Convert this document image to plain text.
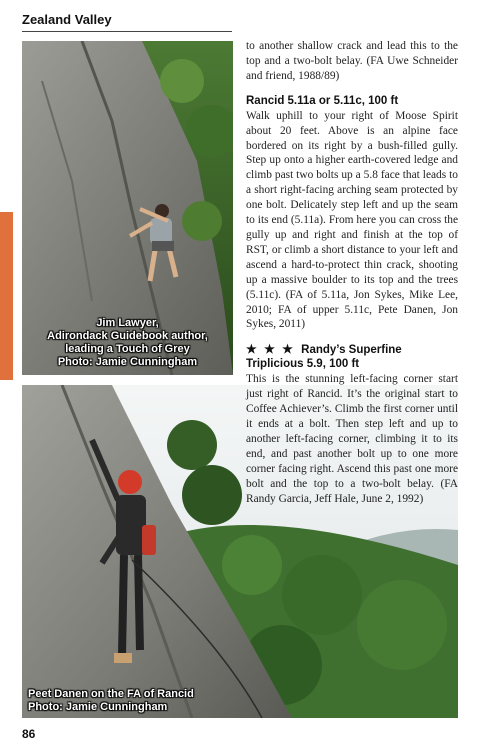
Zealand Valley
Jim Lawyer,
Adirondack Guidebook author,
leading a Touch of Grey
Photo: Jamie Cunningham
Peet Danen on the FA of Rancid
Photo: Jamie Cunningham

to another shallow crack and lead this to the top and a two-bolt belay. (FA Uwe Schneider and friend, 1988/89)

Rancid 5.11a or 5.11c, 100 ft

Walk uphill to your right of Moose Spirit about 20 feet. Above is an alpine face bordered on its right by a bush-filled gully. Step up onto a higher earth-covered ledge and climb past two bolts up a 5.8 face that leads to a short right-facing arching seam protected by one bolt. Delicately step left and up the seam to its end (5.11a). From here you can cross the gully up and right and finish at the top of RST, or climb a short distance to your left and ascend a hard-to-protect thin crack, shooting up a massive boulder to its top and the trees (5.11c). (FA of 5.11a, Jon Sykes, Mike Lee, 2010; FA of upper 5.11c, Pete Danen, Jon Sykes, 2011)

★ ★ ★ Randy’s Superfine Triplicious 5.9, 100 ft

This is the stunning left-facing corner start just right of Rancid. It’s the original start to Coffee Achiever’s. Climb the first corner until it ends at a bolt. Then step left and up to another left-facing corner, climbing it to its end, and past another bolt up to one more corner facing right. Ascend this past one more bolt and the top to a two-bolt belay. (FA Randy Garcia, Jeff Hale, June 2, 1992)

86
